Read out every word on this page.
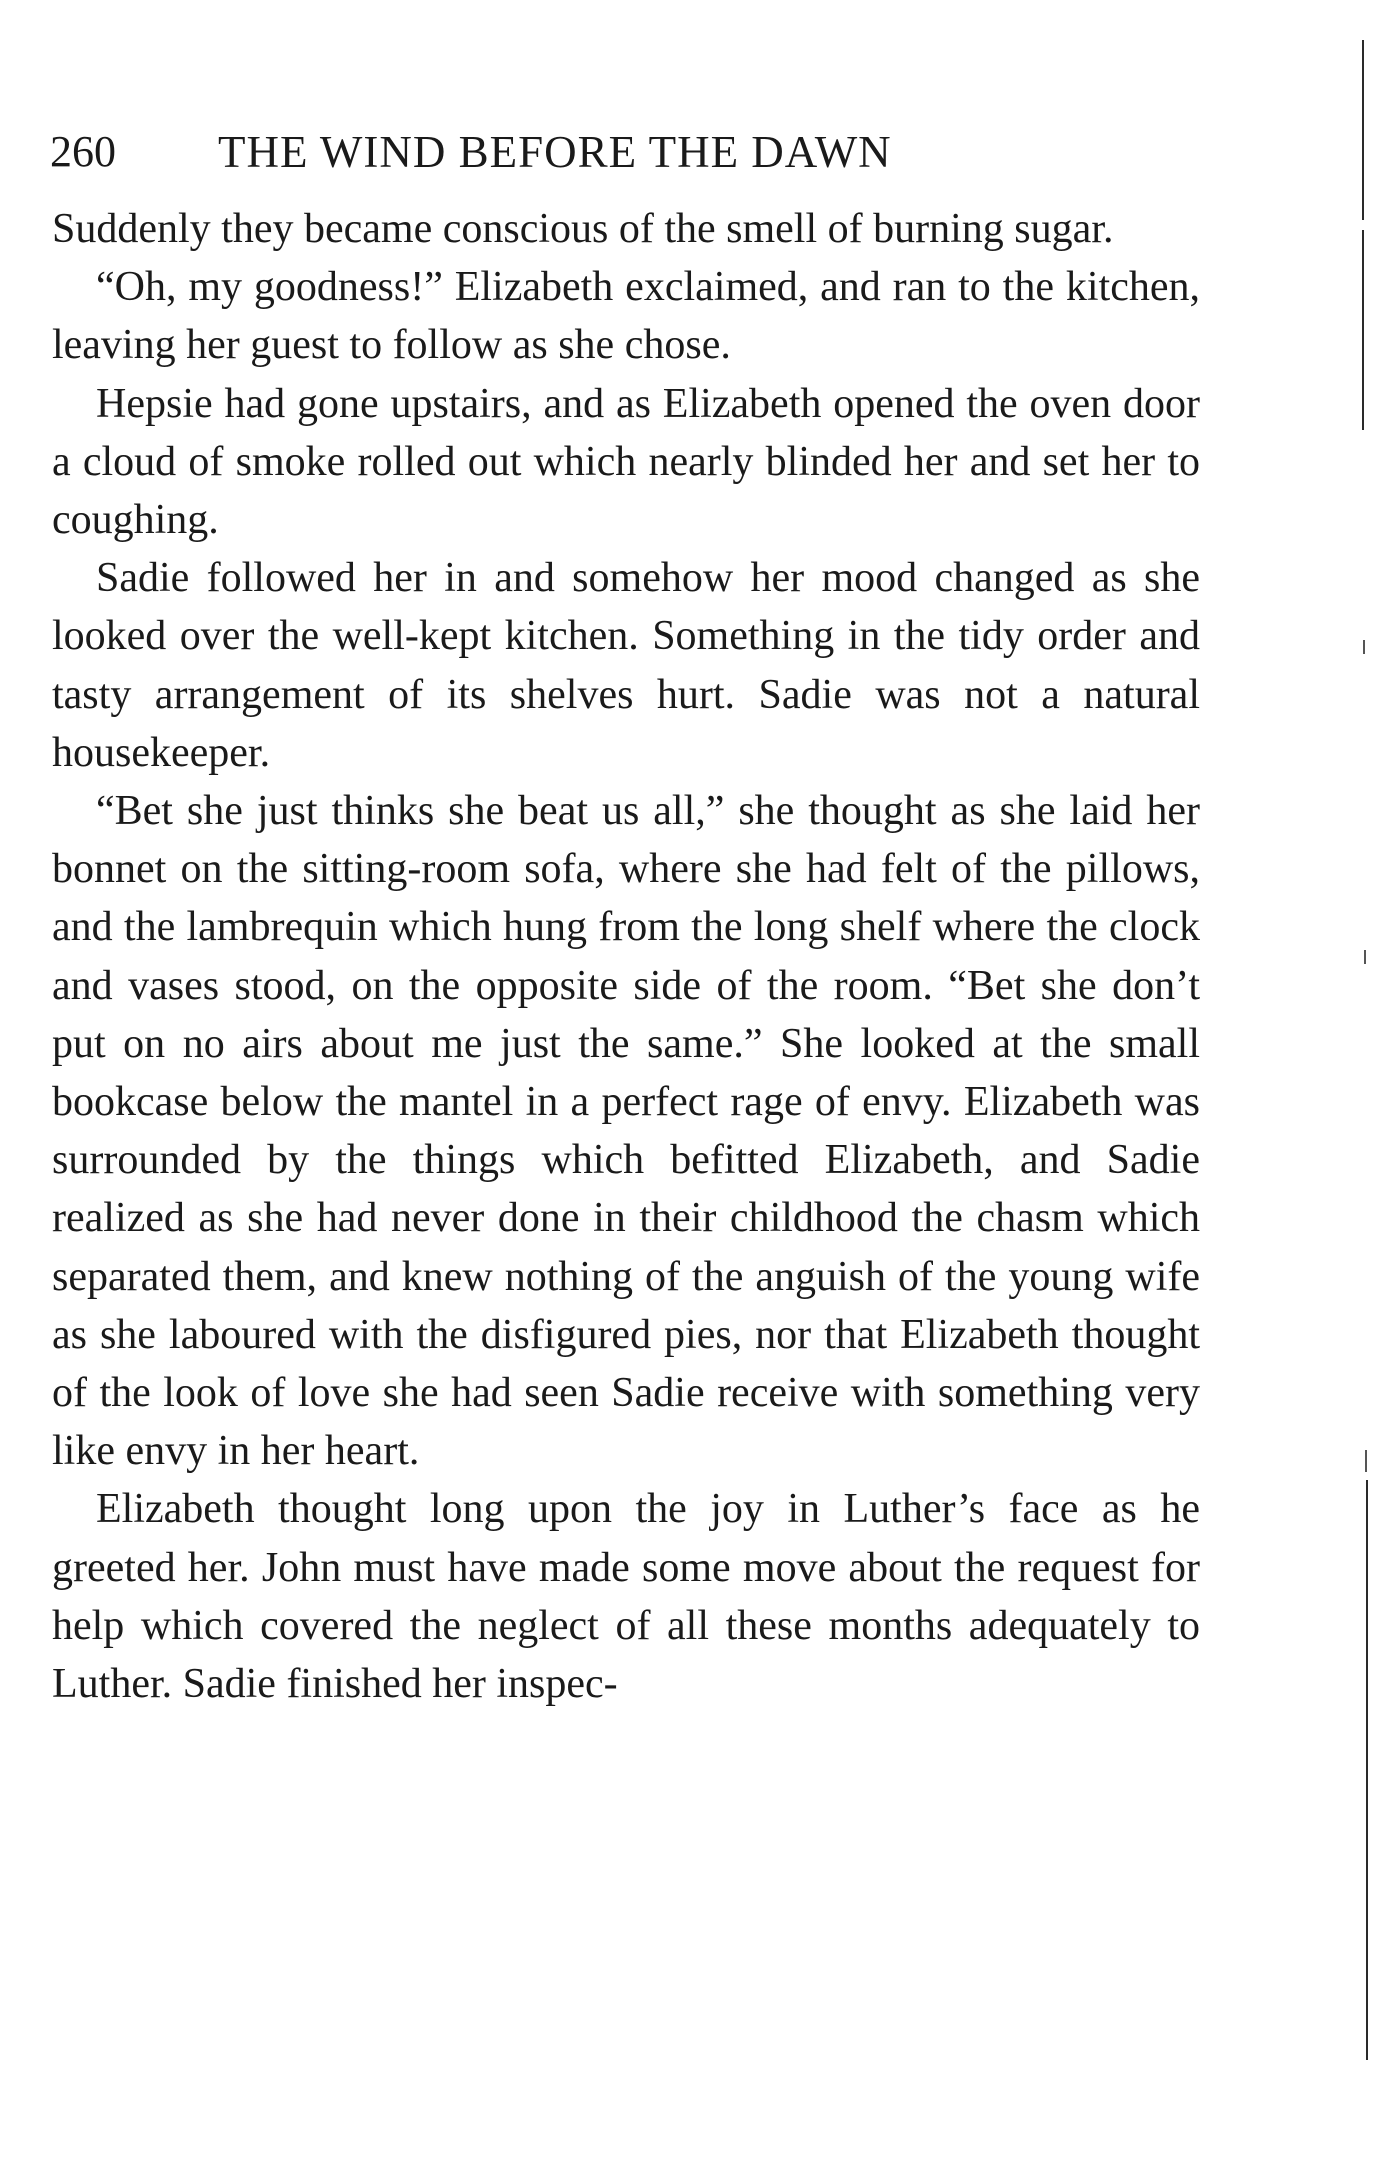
260 THE WIND BEFORE THE DAWN

Suddenly they became conscious of the smell of burning sugar.

“Oh, my goodness!” Elizabeth exclaimed, and ran to the kitchen, leaving her guest to follow as she chose.

Hepsie had gone upstairs, and as Elizabeth opened the oven door a cloud of smoke rolled out which nearly blinded her and set her to coughing.

Sadie followed her in and somehow her mood changed as she looked over the well-kept kitchen. Something in the tidy order and tasty arrangement of its shelves hurt. Sadie was not a natural housekeeper.

“Bet she just thinks she beat us all,” she thought as she laid her bonnet on the sitting-room sofa, where she had felt of the pillows, and the lambrequin which hung from the long shelf where the clock and vases stood, on the opposite side of the room. “Bet she don’t put on no airs about me just the same.” She looked at the small bookcase below the mantel in a perfect rage of envy. Elizabeth was surrounded by the things which befitted Elizabeth, and Sadie realized as she had never done in their childhood the chasm which separated them, and knew nothing of the anguish of the young wife as she laboured with the disfigured pies, nor that Elizabeth thought of the look of love she had seen Sadie receive with something very like envy in her heart.

Elizabeth thought long upon the joy in Luther’s face as he greeted her. John must have made some move about the request for help which covered the neglect of all these months adequately to Luther. Sadie finished her inspec-
